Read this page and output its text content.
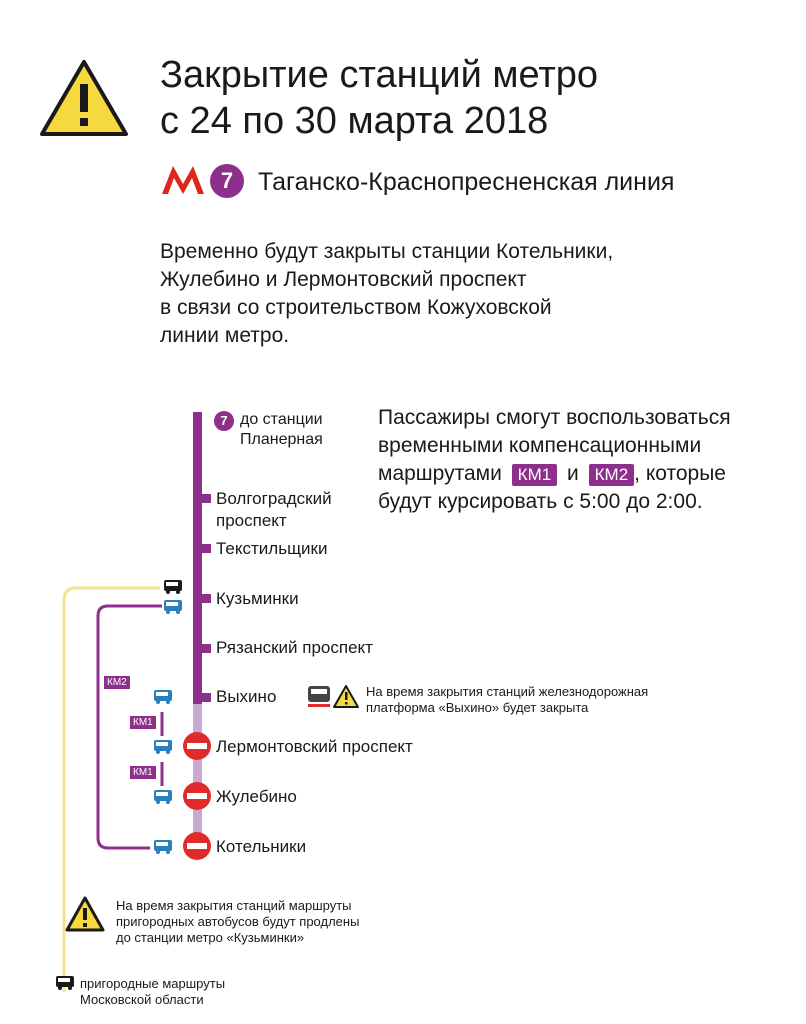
Закрытие станций метро
с 24 по 30 марта 2018
7 Таганско-Краснопресненская линия
Временно будут закрыты станции Котельники,
Жулебино и Лермонтовский проспект
в связи со строительством Кожуховской
линии метро.
Пассажиры смогут воспользоваться
временными компенсационными
маршрутами КМ1 и КМ2 , которые
будут курсировать с 5:00 до 2:00.
7 до станции
Планерная
Волгоградский
проспект
Текстильщики
Кузьминки
Рязанский проспект
Выхино
Лермонтовский проспект
Жулебино
Котельники
КМ2
КМ1
КМ1
На время закрытия станций железнодорожная
платформа «Выхино» будет закрыта
На время закрытия станций маршруты
пригородных автобусов будут продлены
до станции метро «Кузьминки»
пригородные маршруты
Московской области
